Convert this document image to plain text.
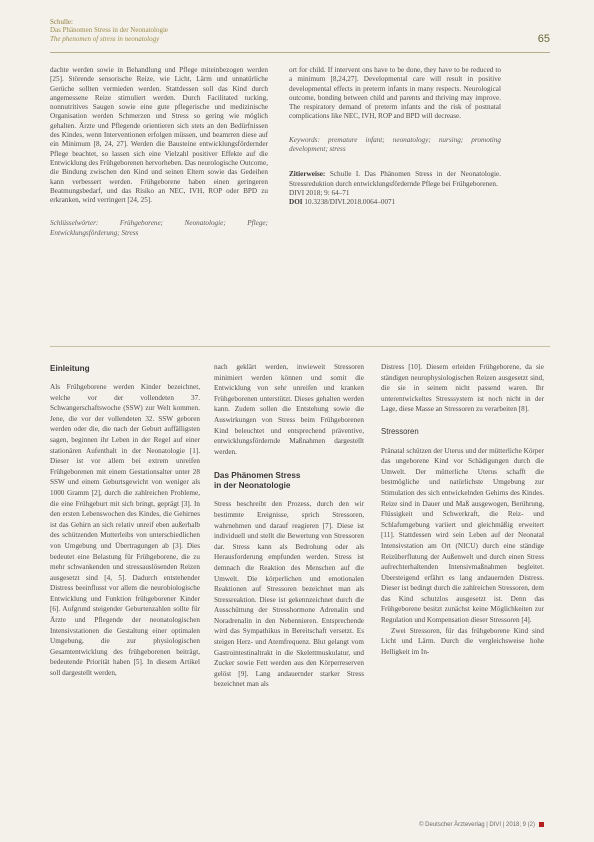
Schulle:
Das Phänomen Stress in der Neonatologie
The phenomen of stress in neonatology	65

dachte werden sowie in Behandlung und Pflege miteinbezogen werden [25]. Störende sensorische Reize, wie Licht, Lärm und unnatürliche Gerüche sollten vermieden werden. Stattdessen soll das Kind durch angemessene Reize stimuliert werden. Durch Facilitated tucking, nonnutritives Saugen sowie eine gute pflegerische und medizinische Organisation werden Schmerzen und Stress so gering wie möglich gehalten. Ärzte und Pflegende orientieren sich stets an den Bedürfnissen des Kindes, wenn Interventionen erfolgen müssen, und beamrren diese auf ein Minimum [8, 24, 27]. Werden die Bausteine entwicklungsfördernder Pflege beachtet, so lassen sich eine Vielzahl positiver Effekte auf die Entwicklung des Frühgeborenen hervorheben. Das neurologische Outcome, die Bindung zwischen den Kind und seinen Eltern sowie das Gedeihen kann verbessert werden. Frühgeborene haben einen geringeren Beatmungsbedarf, und das Risiko an NEC, IVH, ROP oder BPD zu erkranken, wird verringert [24, 25].

Schlüsselwörter: Frühgeborene; Neonatologie; Pflege; Entwicklungsförderung; Stress

ort for child. If intervent ons have to be done, they have to be reduced to a minimum [8,24,27]. Developmental care will result in positive developmental effects in preterm infants in many respects. Neurological outcome, bonding between child and parents and thriving may improve. The respiratory demand of preterm infants and the risk of postnatal complications like NEC, IVH, ROP and BPD will decrease.

Keywords: premature infant; neonatology; nursing; promoting development; stress

Zitierweise: Schulle I. Das Phänomen Stress in der Neonatologie. Stressreduktion durch entwicklungsfördernde Pflege bei Frühgeborenen.
DIVI 2018; 9: 64–71
DOI 10.3238/DIVI.2018.0064–0071
Einleitung

Als Frühgeborene werden Kinder bezeichnet, welche vor der vollendeten 37. Schwangerschaftswoche (SSW) zur Welt kommen. Jene, die vor der vollendeten 32. SSW geboren werden oder die, die nach der Geburt auffälligsten sagen, beginnen ihr Leben in der Regel auf einer stationären Aufenthalt in der Neonatologie [1]. Dieser ist vor allem bei extrem unreifen Frühgeborenen mit einem Gestationsalter unter 28 SSW und einem Geburtsgewicht von weniger als 1000 Gramm [2], durch die zahlreichen Probleme, die eine Frühgeburt mit sich bringt, geprägt [3]. In den ersten Lebenswochen des Kindes, die Gehirnes ist das Gehirn an sich relativ unreif eben außerhalb des schützenden Mutterleibs von unterschiedlichen von Umgebung und Übertragungen ab [3]. Dies bedeutet eine Belastung für Frühgeborene, die zu mehr schwankenden und stressauslösenden Reizen ausgesetzt sind [4, 5]. Dadurch entstehender Distress beeinflusst vor allem die neurobiologische Entwicklung und Funktion frühgeborener Kinder [6]. Aufgrund steigender Geburtenzahlen sollte für Ärzte und Pflegende der neonatologischen Intensivstationen die Gestaltung einer optimalen Umgebung, die zur physiologischen Gesamtentwicklung des frühgeborenen beiträgt, bedeutende Priorität haben [5]. In diesem Artikel soll dargestellt werden,

nach geklärt werden, inwieweit Stressoren minimiert werden können und somit die Entwicklung von sehr unreifen und kranken Frühgeborenen unterstützt. Dieses gehalten werden kann. Zudem sollen die Entstehung sowie die Auswirkungen von Stress beim Frühgeborenen Kind beleuchtet und entsprechend präventive, entwicklungsfördernde Maßnahmen dargestellt werden.

Das Phänomen Stress
in der Neonatologie

Stress beschreibt den Prozess, durch den wir bestimmte Ereignisse, sprich Stressoren, wahrnehmen und darauf reagieren [7]. Diese ist individuell und stellt die Bewertung von Stressoren dar. Stress kann als Bedrohung oder als Herausforderung empfunden werden. Stress ist demnach die Reaktion des Menschen auf die Umwelt. Die körperlichen und emotionalen Reaktionen auf Stressoren bezeichnet man als Stressreaktion. Diese ist gekennzeichnet durch die Ausschüttung der Stresshormone Adrenalin und Noradrenalin in den Nebennieren. Entsprechende wird das Sympathikus in Bereitschaft versetzt. Es steigen Herz- und Atemfrequenz. Blut gelangt vom Gastrointestinaltrakt in die Skelettmuskulatur, und Zucker sowie Fett werden aus den Körperreserven gelöst [9]. Lang andauernder starker Stress bezeichnet man als

Distress [10]. Diesem erleiden Frühgeborene, da sie ständigen neurophysiologischen Reizen ausgesetzt sind, die sie in seinem nicht passend waren. Ihr unterentwickeltes Stresssystem ist noch nicht in der Lage, diese Masse an Stressoren zu verarbeiten [8].

Stressoren

Pränatal schützen der Uterus und der mütterliche Körper das ungeborene Kind vor Schädigungen durch die Umwelt. Der mütterliche Uterus schafft die bestmögliche und natürlichste Umgebung zur Stimulation des sich entwickelnden Gehirns des Kindes. Reize sind in Dauer und Maß ausgewogen, Berührung, Flüssigkeit und Schwerkraft, die Reiz- und Schlafumgebung variiert und gleichmäßig erweitert [11]. Stattdessen wird sein Leben auf der Neonatal Intensivstation am Ort (NICU) durch eine ständige Reizüberflutung der Außenwelt und durch einen Stress aufrechterhaltenden Intensivmaßnahmen begleitet. Übersteigend erfährt es lang andauernden Distress. Dieser ist bedingt durch die zahlreichen Stressoren, dem das Kind schutzlos ausgesetzt ist. Denn das Frühgeborene besitzt zunächst keine Möglichkeiten zur Regulation und Kompensation dieser Stressoren [4].

Zwei Stressoren, für das frühgeborene Kind sind Licht und Lärm. Durch die vergleichsweise hohe Helligkeit im In-

© Deutscher Ärzteverlag | DIVI | 2018; 9 (2)
